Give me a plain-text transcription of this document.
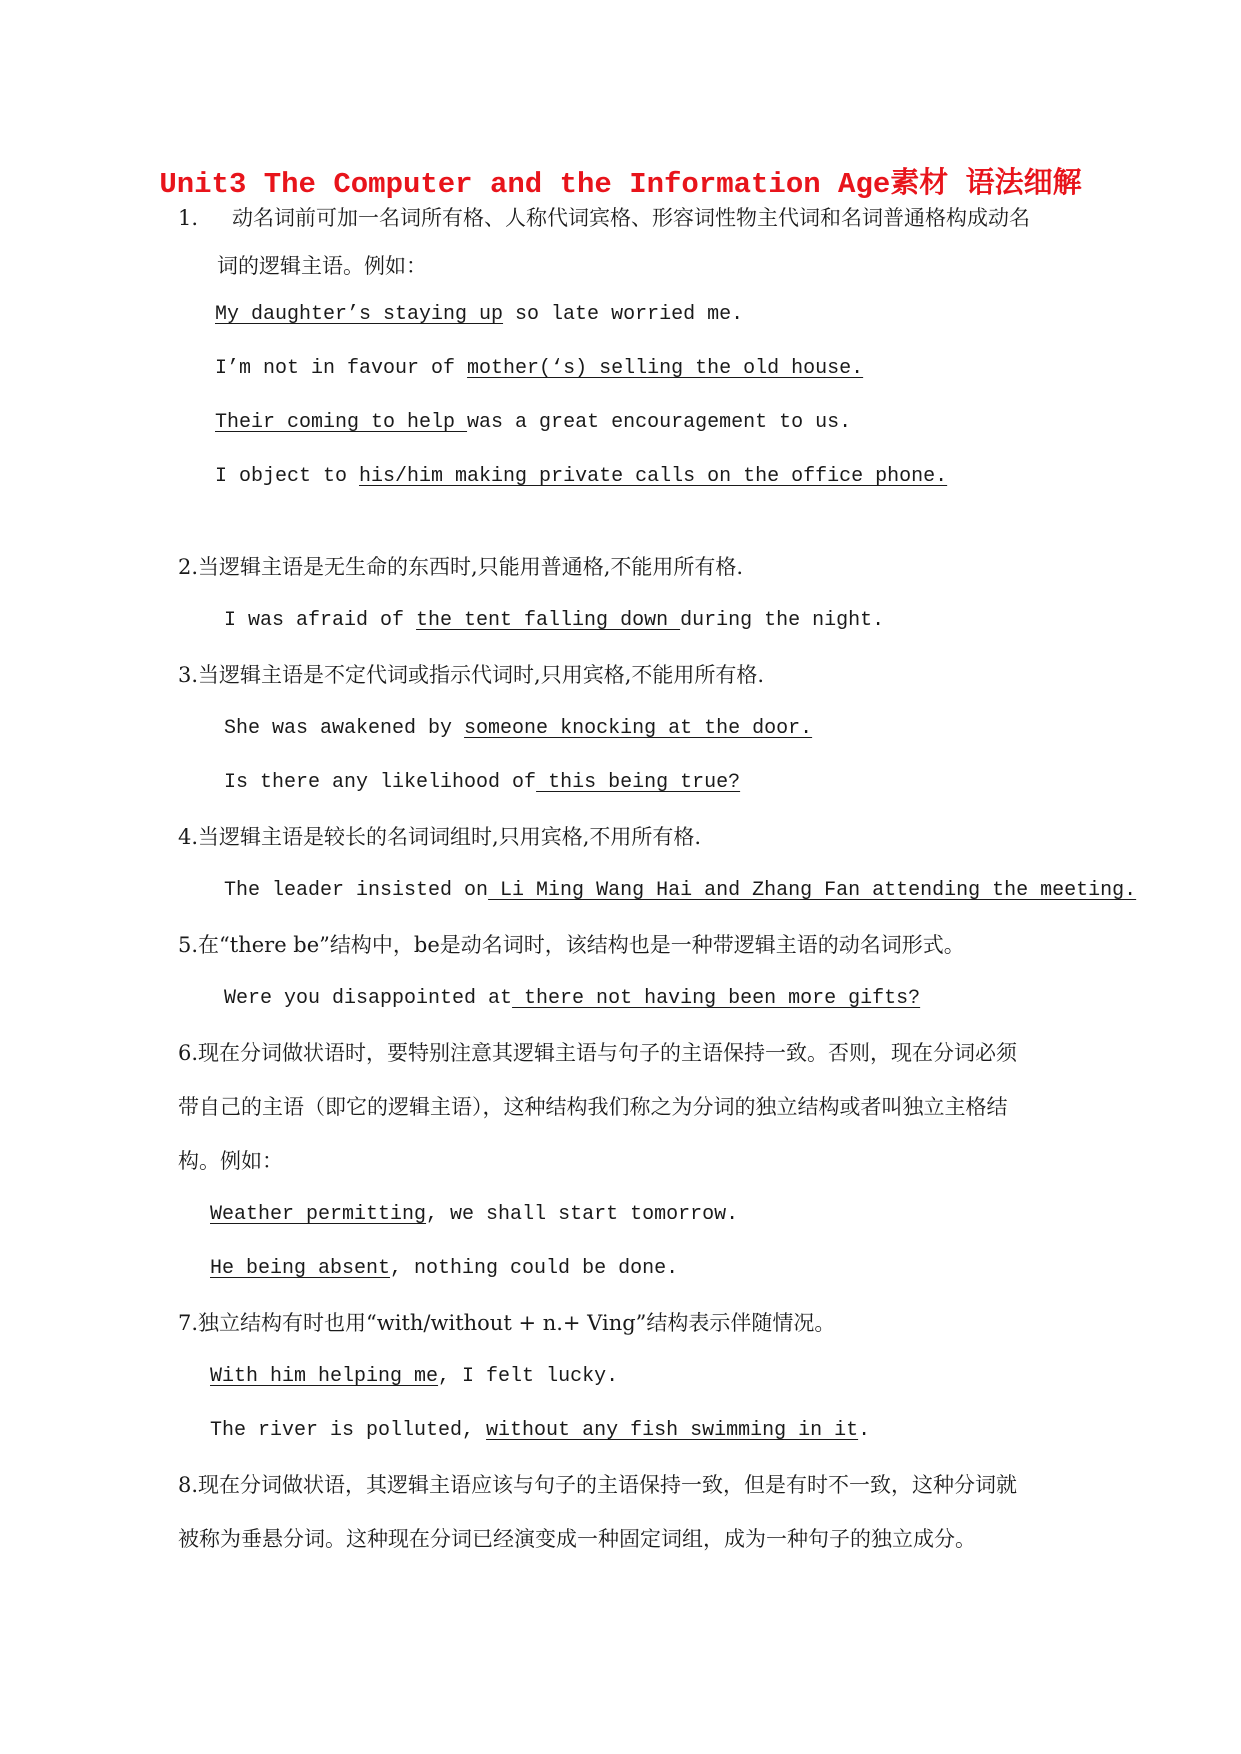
Unit3 The Computer and the Information Age素材 语法细解
1. 动名词前可加一名词所有格、人称代词宾格、形容词性物主代词和名词普通格构成动名
词的逻辑主语。例如：
My daughter’s staying up so late worried me.
I’m not in favour of mother(‘s) selling the old house.
Their coming to help was a great encouragement to us.
I object to his/him making private calls on the office phone.
2.当逻辑主语是无生命的东西时,只能用普通格,不能用所有格.
I was afraid of the tent falling down during the night.
3.当逻辑主语是不定代词或指示代词时,只用宾格,不能用所有格.
She was awakened by someone knocking at the door.
Is there any likelihood of this being true?
4.当逻辑主语是较长的名词词组时,只用宾格,不用所有格.
The leader insisted on Li Ming Wang Hai and Zhang Fan attending the meeting.
5.在“there be”结构中，be是动名词时，该结构也是一种带逻辑主语的动名词形式。
Were you disappointed at there not having been more gifts?
6.现在分词做状语时，要特别注意其逻辑主语与句子的主语保持一致。否则，现在分词必须
带自己的主语（即它的逻辑主语），这种结构我们称之为分词的独立结构或者叫独立主格结
构。例如：
Weather permitting, we shall start tomorrow.
He being absent, nothing could be done.
7.独立结构有时也用“with/without + n.+ Ving”结构表示伴随情况。
With him helping me, I felt lucky.
The river is polluted, without any fish swimming in it.
8.现在分词做状语，其逻辑主语应该与句子的主语保持一致，但是有时不一致，这种分词就
被称为垂悬分词。这种现在分词已经演变成一种固定词组，成为一种句子的独立成分。
